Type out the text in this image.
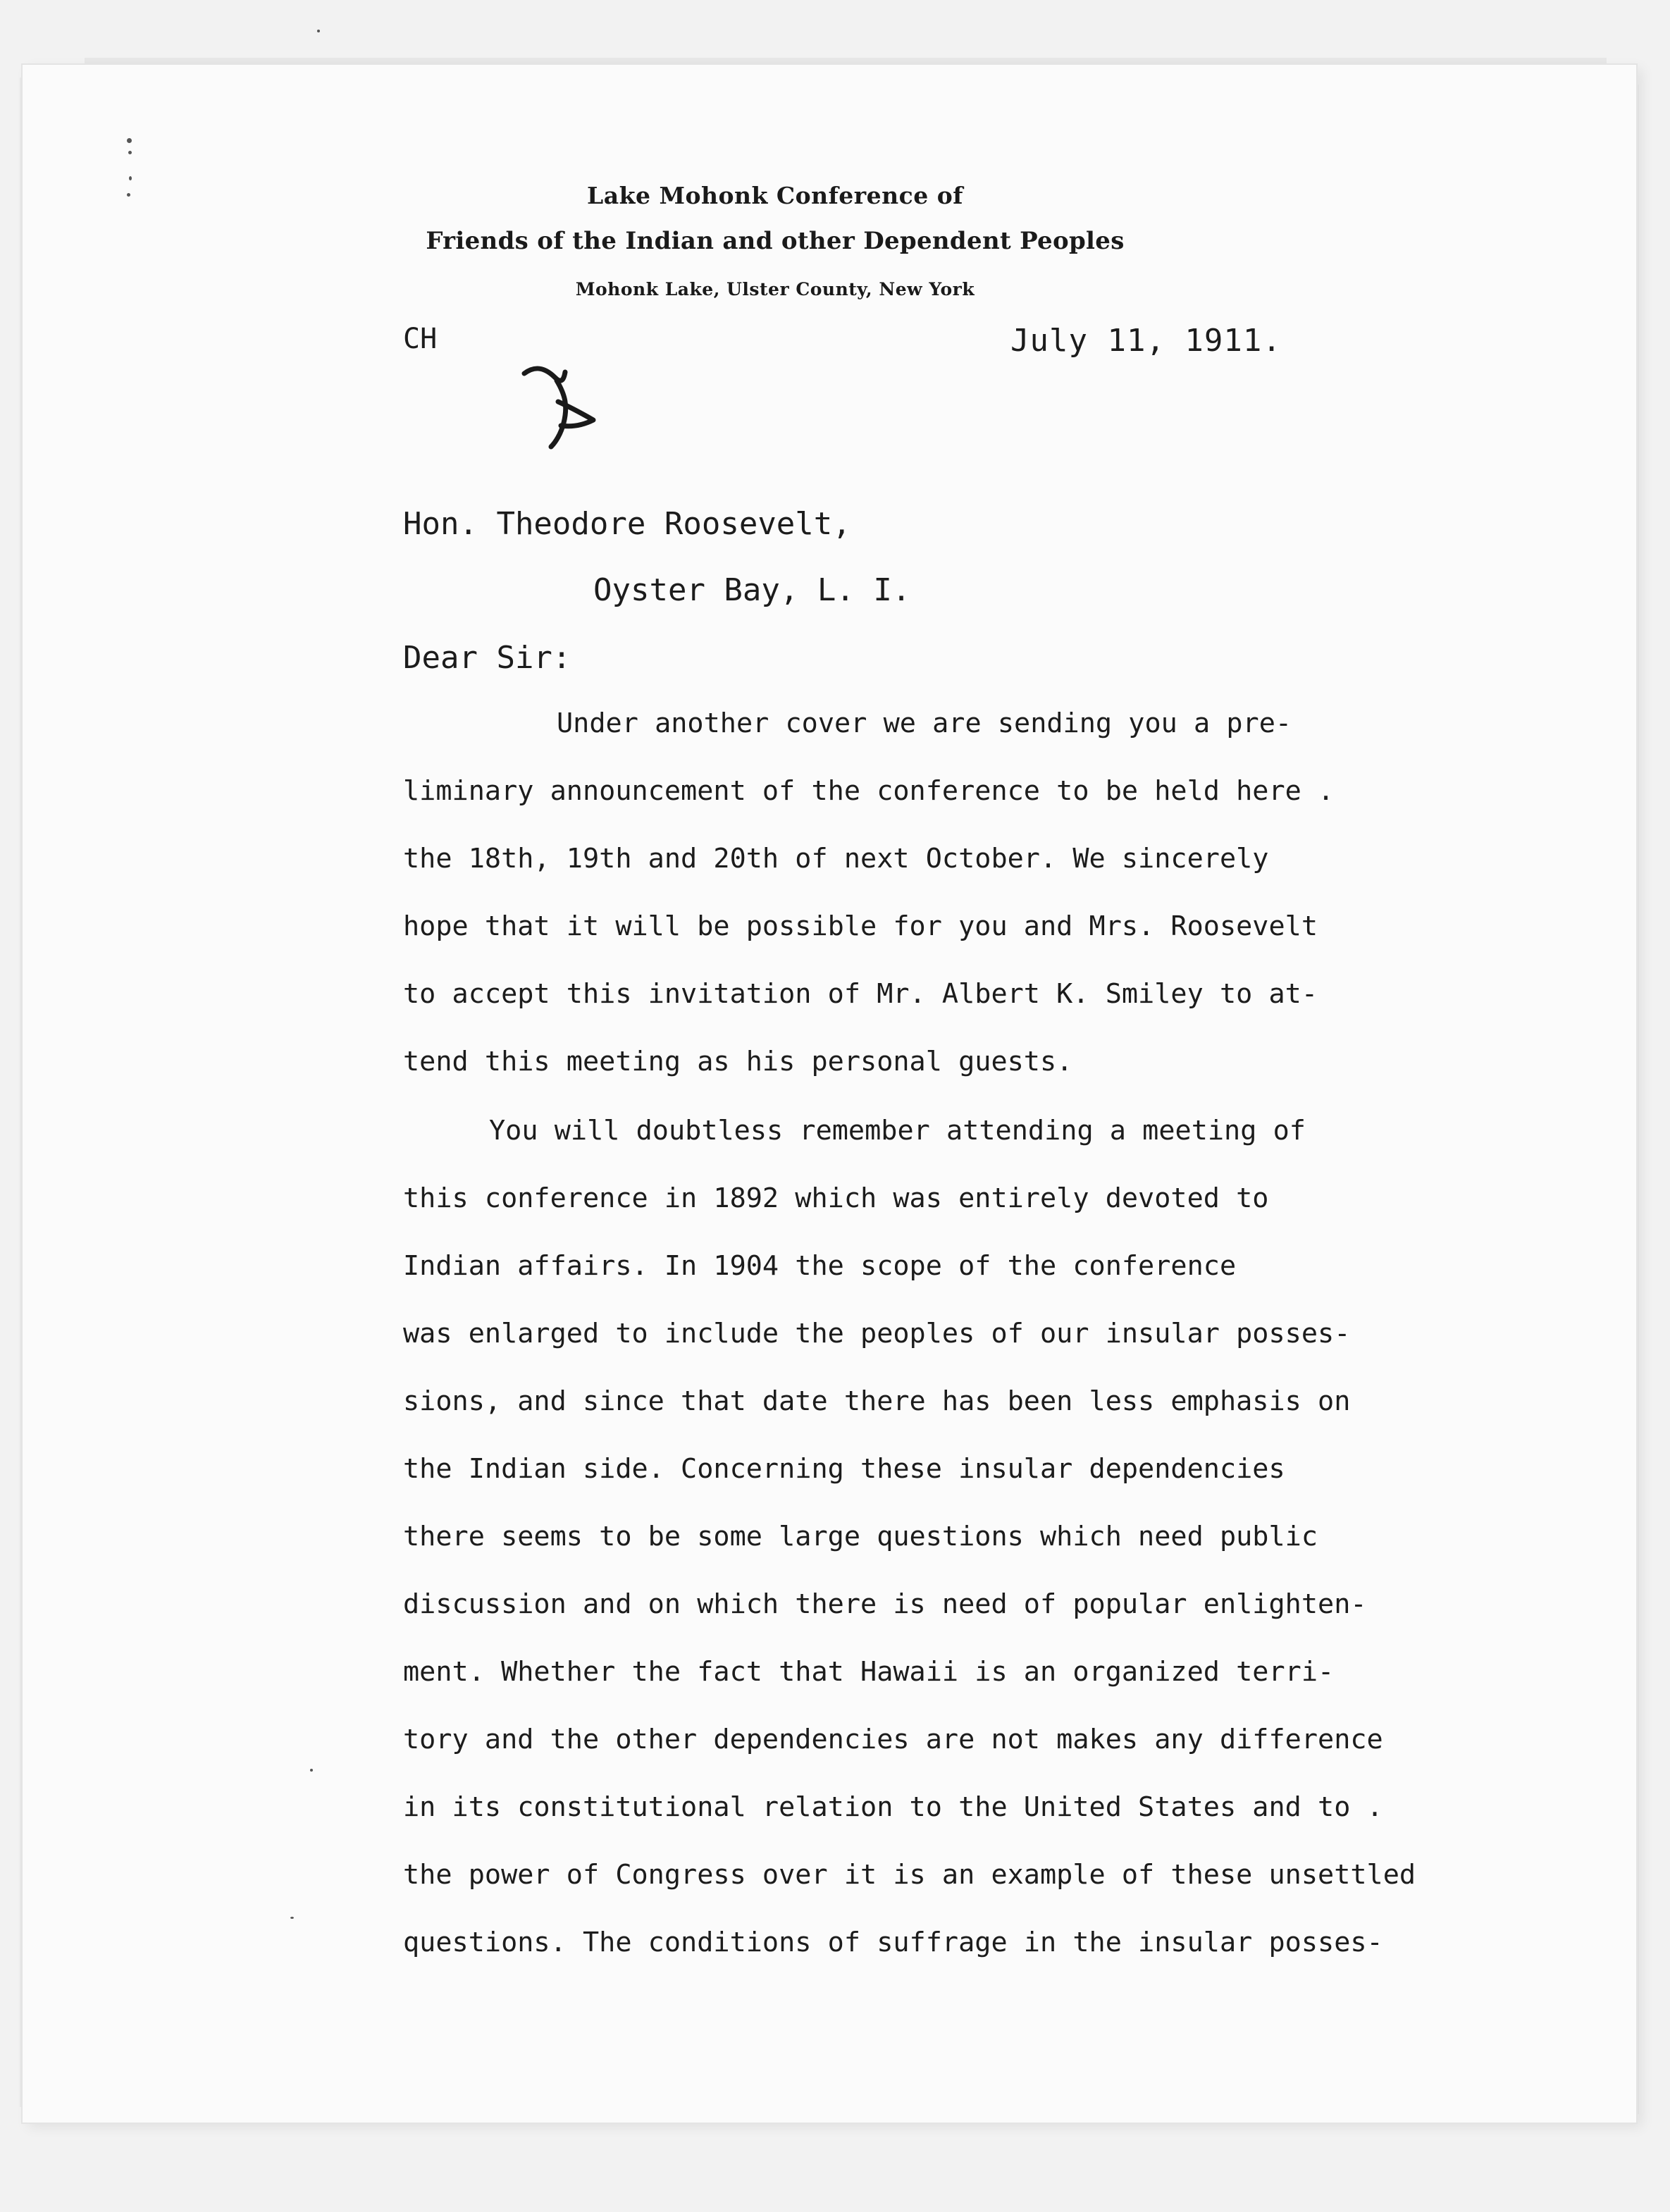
Lake Mohonk Conference of
Friends of the Indian and other Dependent Peoples
Mohonk Lake, Ulster County, New York
CH	July 11, 1911.
Hon. Theodore Roosevelt,
Oyster Bay, L. I.
Dear Sir:
Under another cover we are sending you a pre-
liminary announcement of the conference to be held here .
the 18th, 19th and 20th of next October. We sincerely
hope that it will be possible for you and Mrs. Roosevelt
to accept this invitation of Mr. Albert K. Smiley to at-
tend this meeting as his personal guests.
You will doubtless remember attending a meeting of
this conference in 1892 which was entirely devoted to
Indian affairs. In 1904 the scope of the conference
was enlarged to include the peoples of our insular posses-
sions, and since that date there has been less emphasis on
the Indian side. Concerning these insular dependencies
there seems to be some large questions which need public
discussion and on which there is need of popular enlighten-
ment. Whether the fact that Hawaii is an organized terri-
tory and the other dependencies are not makes any difference
in its constitutional relation to the United States and to .
the power of Congress over it is an example of these unsettled
questions. The conditions of suffrage in the insular posses-
